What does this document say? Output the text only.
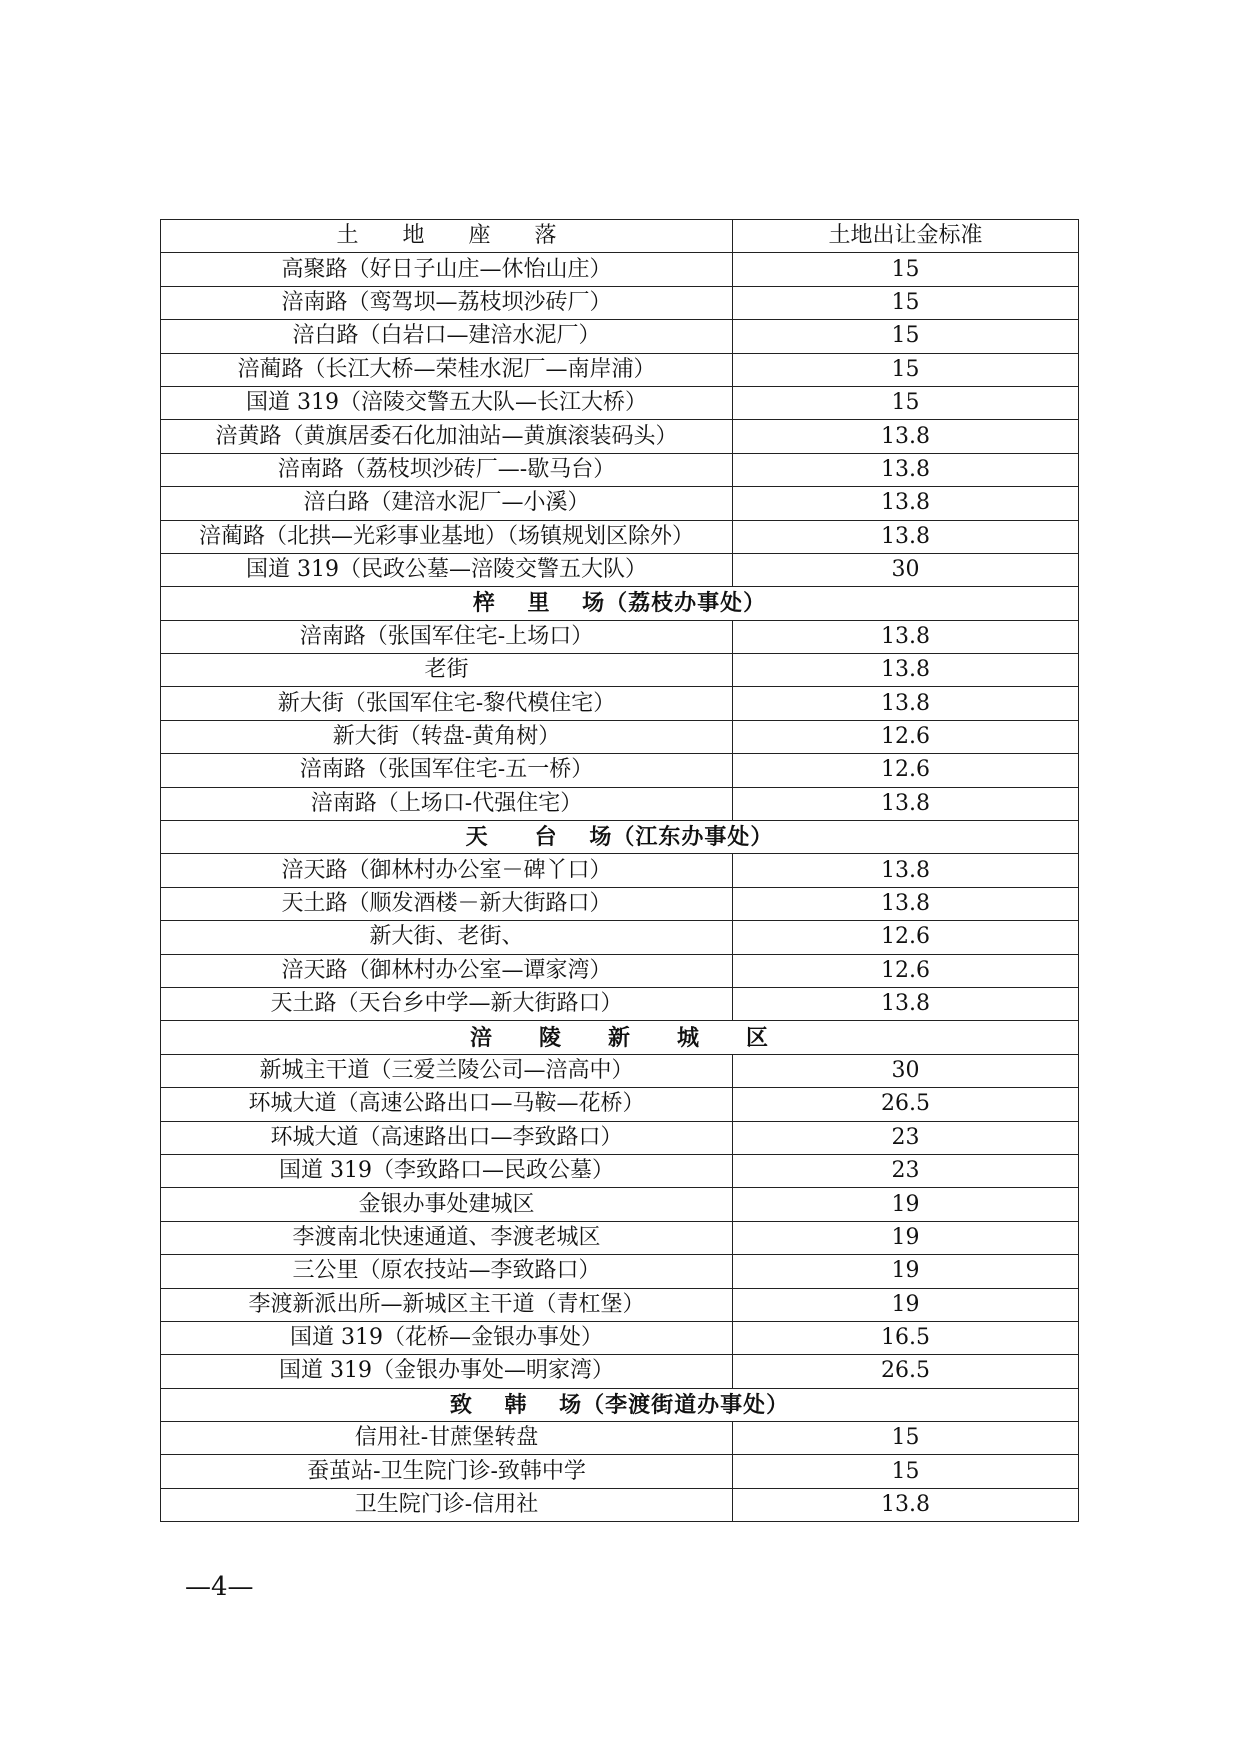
土　　地　　座　　落	土地出让金标准
高聚路（好日子山庄—休怡山庄）	15
涪南路（鸾驾坝—荔枝坝沙砖厂）	15
涪白路（白岩口—建涪水泥厂）	15
涪蔺路（长江大桥—荣桂水泥厂—南岸浦）	15
国道 319（涪陵交警五大队—长江大桥）	15
涪黄路（黄旗居委石化加油站—黄旗滚装码头）	13.8
涪南路（荔枝坝沙砖厂—-歇马台）	13.8
涪白路（建涪水泥厂—小溪）	13.8
涪蔺路（北拱—光彩事业基地）（场镇规划区除外）	13.8
国道 319（民政公墓—涪陵交警五大队）	30
梓　 里　 场（荔枝办事处）	
涪南路（张国军住宅-上场口）	13.8
老街	13.8
新大街（张国军住宅-黎代模住宅）	13.8
新大街（转盘-黄角树）	12.6
涪南路（张国军住宅-五一桥）	12.6
涪南路（上场口-代强住宅）	13.8
天　　台　 场（江东办事处）	
涪天路（御林村办公室－碑丫口）	13.8
天土路（顺发酒楼－新大街路口）	13.8
新大街、老街、	12.6
涪天路（御林村办公室—谭家湾）	12.6
天土路（天台乡中学—新大街路口）	13.8
涪　　陵　　新　　城　　区	
新城主干道（三爱兰陵公司—涪高中）	30
环城大道（高速公路出口—马鞍—花桥）	26.5
环城大道（高速路出口—李致路口）	23
国道 319（李致路口—民政公墓）	23
金银办事处建城区	19
李渡南北快速通道、李渡老城区	19
三公里（原农技站—李致路口）	19
李渡新派出所—新城区主干道（青杠堡）	19
国道 319（花桥—金银办事处）	16.5
国道 319（金银办事处—明家湾）	26.5
致　 韩　 场（李渡街道办事处）	
信用社-甘蔗堡转盘	15
蚕茧站-卫生院门诊-致韩中学	15
卫生院门诊-信用社	13.8
—4—
